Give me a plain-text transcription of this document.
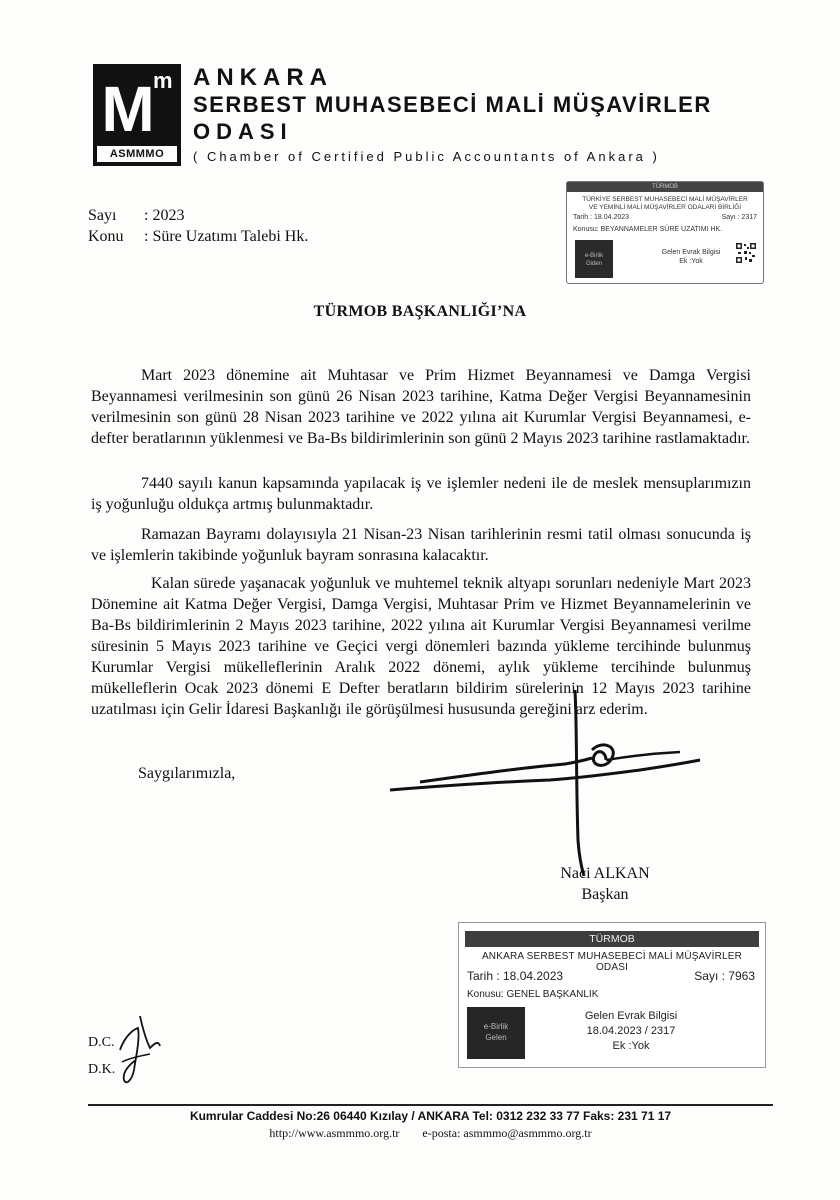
M
m
ASMMMO
ANKARA
SERBEST MUHASEBECİ MALİ MÜŞAVİRLER
ODASI
( Chamber of Certified Public Accountants of Ankara )
TÜRMOB
TÜRKİYE SERBEST MUHASEBECİ MALİ MÜŞAVİRLER
VE YEMİNLİ MALİ MÜŞAVİRLER ODALARI BİRLİĞİ
Tarih : 18.04.2023	Sayı : 2317
Konusu: BEYANNAMELER SÜRE UZATIMI HK.
e-Birlik
Giden
Gelen Evrak Bilgisi
Ek :Yok
Sayı : 2023
Konu : Süre Uzatımı Talebi Hk.
TÜRMOB BAŞKANLIĞI’NA

Mart 2023 dönemine ait Muhtasar ve Prim Hizmet Beyannamesi ve Damga Vergisi Beyannamesi verilmesinin son günü 26 Nisan 2023 tarihine, Katma Değer Vergisi Beyannamesinin verilmesinin son günü 28 Nisan 2023 tarihine ve 2022 yılına ait Kurumlar Vergisi Beyannamesi, e-defter beratlarının yüklenmesi ve Ba-Bs bildirimlerinin son günü 2 Mayıs 2023 tarihine rastlamaktadır.

7440 sayılı kanun kapsamında yapılacak iş ve işlemler nedeni ile de meslek mensuplarımızın iş yoğunluğu oldukça artmış bulunmaktadır.

Ramazan Bayramı dolayısıyla 21 Nisan-23 Nisan tarihlerinin resmi tatil olması sonucunda iş ve işlemlerin takibinde yoğunluk bayram sonrasına kalacaktır.

Kalan sürede yaşanacak yoğunluk ve muhtemel teknik altyapı sorunları nedeniyle Mart 2023 Dönemine ait Katma Değer Vergisi, Damga Vergisi, Muhtasar Prim ve Hizmet Beyannamelerinin ve Ba-Bs bildirimlerinin 2 Mayıs 2023 tarihine, 2022 yılına ait Kurumlar Vergisi Beyannamesi verilme süresinin 5 Mayıs 2023 tarihine ve Geçici vergi dönemleri bazında yükleme tercihinde bulunmuş Kurumlar Vergisi mükelleflerinin Aralık 2022 dönemi, aylık yükleme tercihinde bulunmuş mükelleflerin Ocak 2023 dönemi E Defter beratların bildirim sürelerinin 12 Mayıs 2023 tarihine uzatılması için Gelir İdaresi Başkanlığı ile görüşülmesi hususunda gereğini arz ederim.

Saygılarımızla,
Naci ALKAN
Başkan
TÜRMOB
ANKARA SERBEST MUHASEBECİ MALİ MÜŞAVİRLER ODASI
Tarih : 18.04.2023	Sayı : 7963
Konusu: GENEL BAŞKANLIK
e-Birlik
Gelen
Gelen Evrak Bilgisi
18.04.2023 / 2317
Ek :Yok
D.C.
D.K.
Kumrular Caddesi No:26 06440 Kızılay / ANKARA Tel: 0312 232 33 77 Faks: 231 71 17
http://www.asmmmo.org.tr e-posta: asmmmo@asmmmo.org.tr
